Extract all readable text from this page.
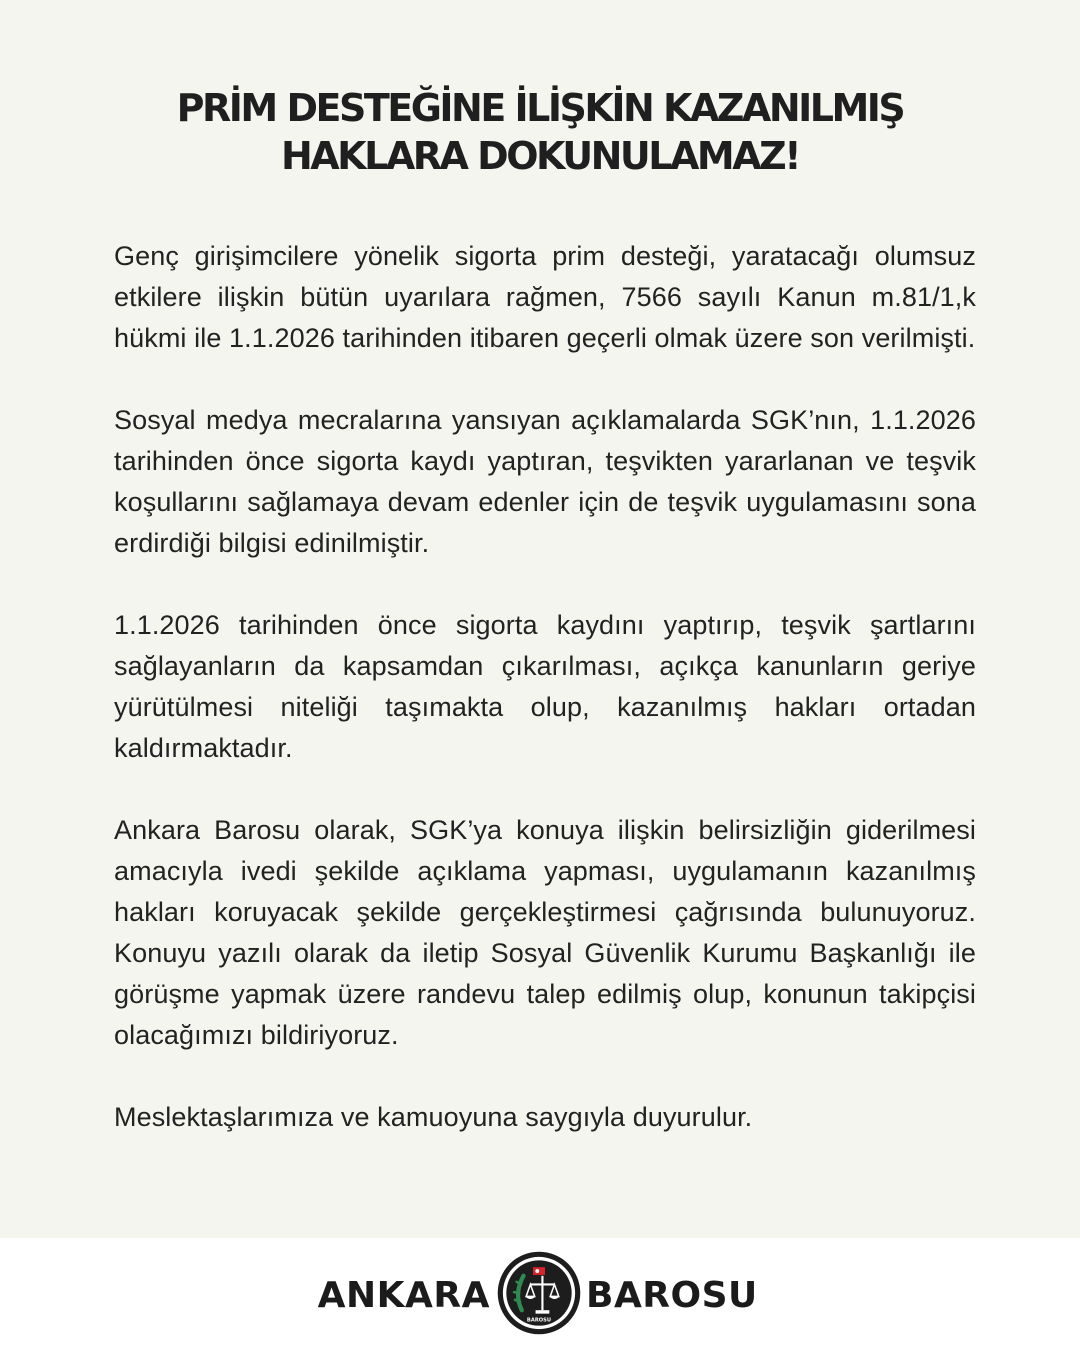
PRİM DESTEĞİNE İLİŞKİN KAZANILMIŞ
HAKLARA DOKUNULAMAZ!

Genç girişimcilere yönelik sigorta prim desteği, yaratacağı olumsuz etkilere ilişkin bütün uyarılara rağmen, 7566 sayılı Kanun m.81/1,k hükmi ile 1.1.2026 tarihinden itibaren geçerli olmak üzere son verilmişti.

Sosyal medya mecralarına yansıyan açıklamalarda SGK’nın, 1.1.2026 tarihinden önce sigorta kaydı yaptıran, teşvikten yararlanan ve teşvik koşullarını sağlamaya devam edenler için de teşvik uygulamasını sona erdirdiği bilgisi edinilmiştir.

1.1.2026 tarihinden önce sigorta kaydını yaptırıp, teşvik şartlarını sağlayanların da kapsamdan çıkarılması, açıkça kanunların geriye yürütülmesi niteliği taşımakta olup, kazanılmış hakları ortadan kaldırmaktadır.

Ankara Barosu olarak, SGK’ya konuya ilişkin belirsizliğin giderilmesi amacıyla ivedi şekilde açıklama yapması, uygulamanın kazanılmış hakları koruyacak şekilde gerçekleştirmesi çağrısında bulunuyoruz. Konuyu yazılı olarak da iletip Sosyal Güvenlik Kurumu Başkanlığı ile görüşme yapmak üzere randevu talep edilmiş olup, konunun takipçisi olacağımızı bildiriyoruz.

Meslektaşlarımıza ve kamuoyuna saygıyla duyurulur.

ANKARA
BAROSU
BAROSU
